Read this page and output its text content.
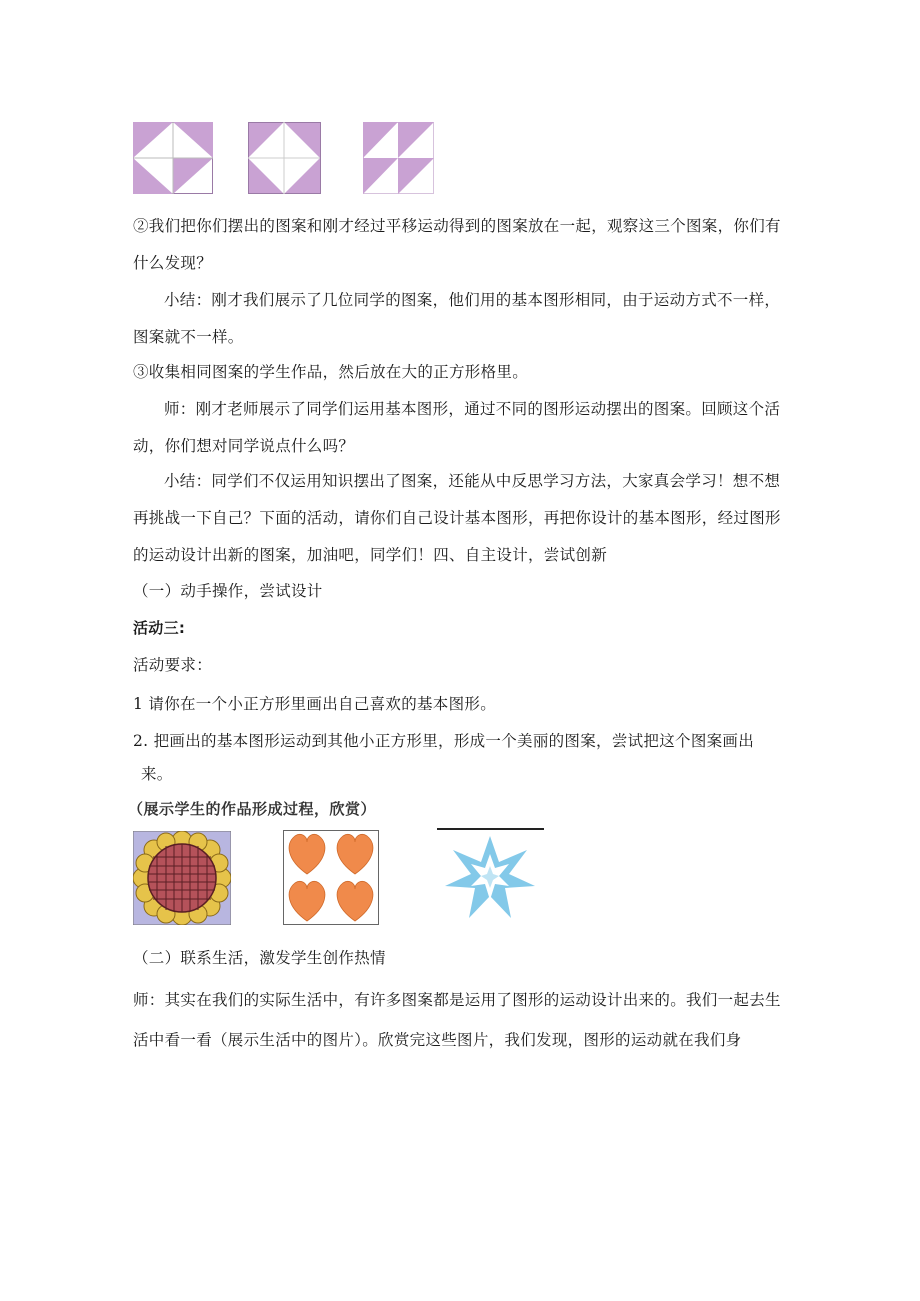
②我们把你们摆出的图案和刚才经过平移运动得到的图案放在一起，观察这三个图案，你们有什么发现？
小结：刚才我们展示了几位同学的图案，他们用的基本图形相同，由于运动方式不一样，图案就不一样。
③收集相同图案的学生作品，然后放在大的正方形格里。
师：刚才老师展示了同学们运用基本图形，通过不同的图形运动摆出的图案。回顾这个活动，你们想对同学说点什么吗？
小结：同学们不仅运用知识摆出了图案，还能从中反思学习方法，大家真会学习！想不想再挑战一下自己？下面的活动，请你们自己设计基本图形，再把你设计的基本图形，经过图形的运动设计出新的图案，加油吧，同学们！四、自主设计，尝试创新
（一）动手操作，尝试设计
活动三:
活动要求：
1 请你在一个小正方形里画出自己喜欢的基本图形。
2. 把画出的基本图形运动到其他小正方形里，形成一个美丽的图案，尝试把这个图案画出
来。
（展示学生的作品形成过程，欣赏）
（二）联系生活，激发学生创作热情
师：其实在我们的实际生活中，有许多图案都是运用了图形的运动设计出来的。我们一起去生活中看一看（展示生活中的图片）。欣赏完这些图片，我们发现，图形的运动就在我们身
